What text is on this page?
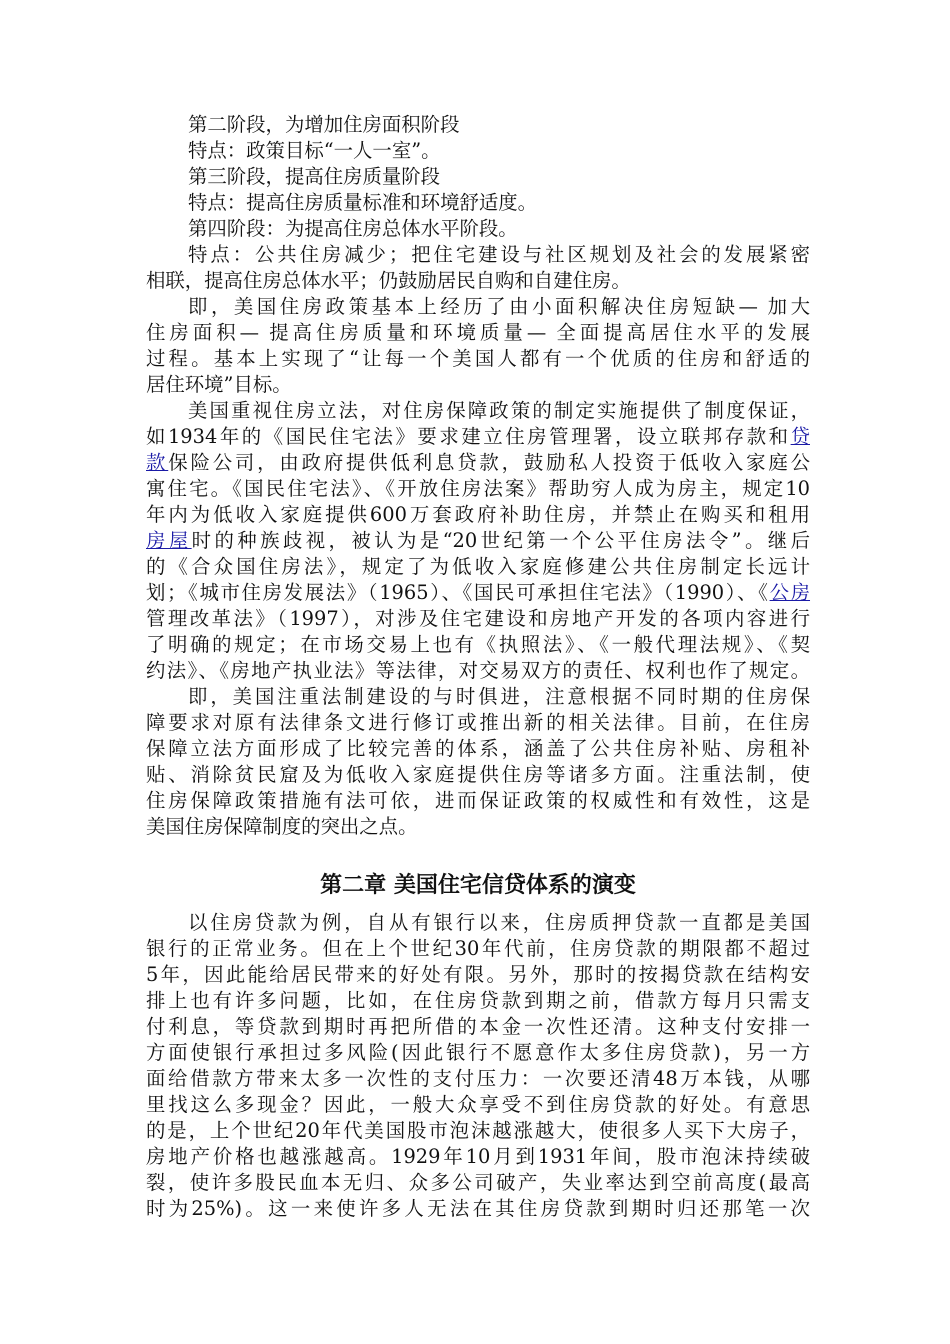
第二阶段，为增加住房面积阶段
特点：政策目标“一人一室”。
第三阶段，提高住房质量阶段
特点：提高住房质量标准和环境舒适度。
第四阶段：为提高住房总体水平阶段。
特点：公共住房减少；把住宅建设与社区规划及社会的发展紧密
相联，提高住房总体水平；仍鼓励居民自购和自建住房。
即，美国住房政策基本上经历了由小面积解决住房短缺— 加大
住房面积— 提高住房质量和环境质量— 全面提高居住水平的发展
过程。基本上实现了“让每一个美国人都有一个优质的住房和舒适的
居住环境”目标。
美国重视住房立法，对住房保障政策的制定实施提供了制度保证，
如1934年的《国民住宅法》要求建立住房管理署，设立联邦存款和贷
款保险公司，由政府提供低利息贷款，鼓励私人投资于低收入家庭公
寓住宅。《国民住宅法》、《开放住房法案》帮助穷人成为房主，规定10
年内为低收入家庭提供600万套政府补助住房，并禁止在购买和租用
房屋时的种族歧视，被认为是“20世纪第一个公平住房法令”。继后
的《合众国住房法》，规定了为低收入家庭修建公共住房制定长远计
划；《城市住房发展法》（1965）、《国民可承担住宅法》（1990）、《公房
管理改革法》（1997），对涉及住宅建设和房地产开发的各项内容进行
了明确的规定；在市场交易上也有《执照法》、《一般代理法规》、《契
约法》、《房地产执业法》等法律，对交易双方的责任、权利也作了规定。
即，美国注重法制建设的与时俱进，注意根据不同时期的住房保
障要求对原有法律条文进行修订或推出新的相关法律。目前，在住房
保障立法方面形成了比较完善的体系，涵盖了公共住房补贴、房租补
贴、消除贫民窟及为低收入家庭提供住房等诸多方面。注重法制，使
住房保障政策措施有法可依，进而保证政策的权威性和有效性，这是
美国住房保障制度的突出之点。
第二章 美国住宅信贷体系的演变
以住房贷款为例，自从有银行以来，住房质押贷款一直都是美国
银行的正常业务。但在上个世纪30年代前，住房贷款的期限都不超过
5年，因此能给居民带来的好处有限。另外，那时的按揭贷款在结构安
排上也有许多问题，比如，在住房贷款到期之前，借款方每月只需支
付利息，等贷款到期时再把所借的本金一次性还清。这种支付安排一
方面使银行承担过多风险(因此银行不愿意作太多住房贷款)，另一方
面给借款方带来太多一次性的支付压力：一次要还清48万本钱，从哪
里找这么多现金？因此，一般大众享受不到住房贷款的好处。有意思
的是，上个世纪20年代美国股市泡沫越涨越大，使很多人买下大房子，
房地产价格也越涨越高。1929年10月到1931年间，股市泡沫持续破
裂，使许多股民血本无归、众多公司破产，失业率达到空前高度(最高
时为25%)。这一来使许多人无法在其住房贷款到期时归还那笔一次
